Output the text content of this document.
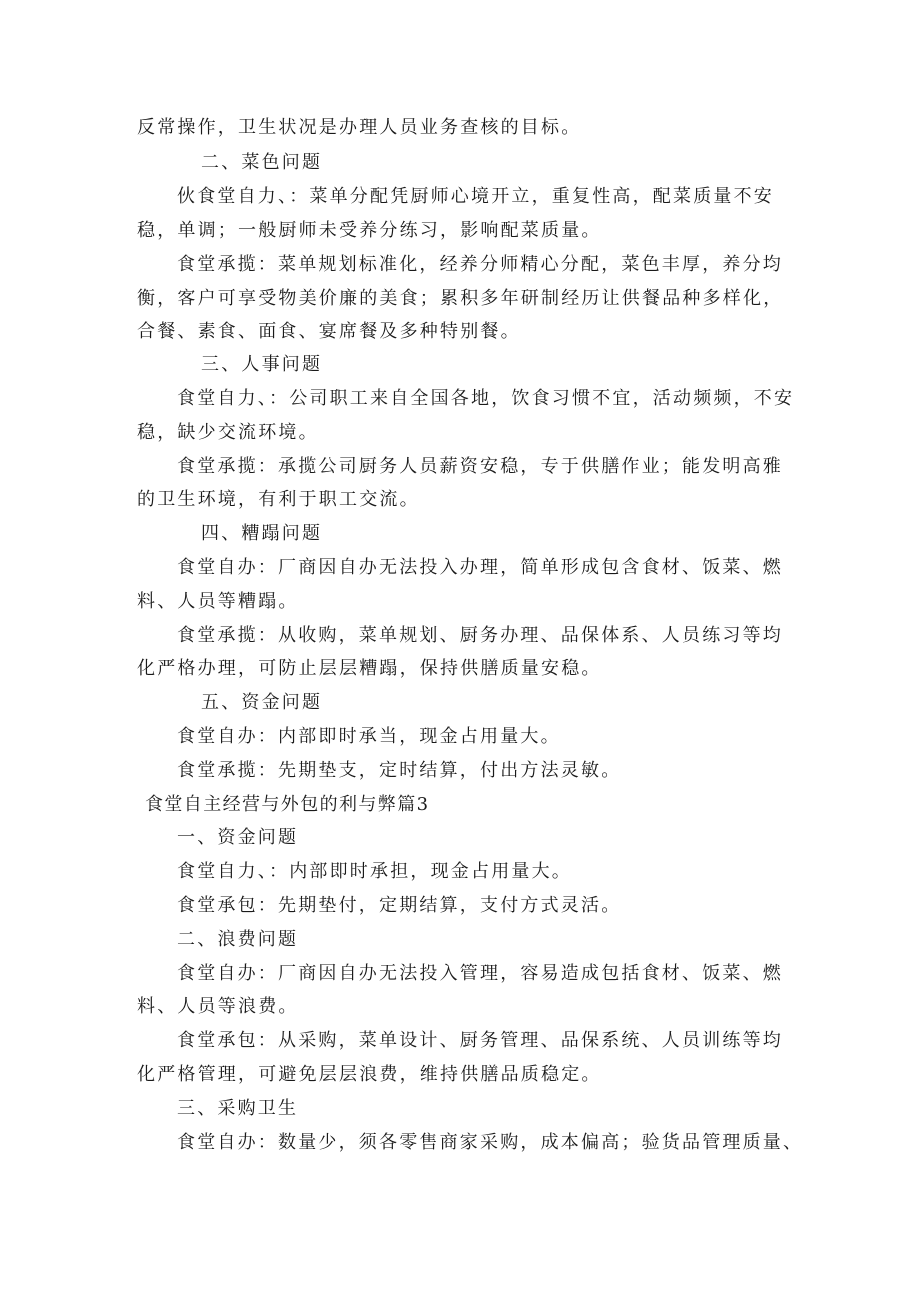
反常操作，卫生状况是办理人员业务查核的目标。
二、菜色问题
伙食堂自力、：菜单分配凭厨师心境开立，重复性高，配菜质量不安
稳，单调；一般厨师未受养分练习，影响配菜质量。
食堂承揽：菜单规划标准化，经养分师精心分配，菜色丰厚，养分均
衡，客户可享受物美价廉的美食；累积多年研制经历让供餐品种多样化，
合餐、素食、面食、宴席餐及多种特别餐。
三、人事问题
食堂自力、：公司职工来自全国各地，饮食习惯不宜，活动频频，不安
稳，缺少交流环境。
食堂承揽：承揽公司厨务人员薪资安稳，专于供膳作业；能发明高雅
的卫生环境，有利于职工交流。
四、糟蹋问题
食堂自办：厂商因自办无法投入办理，简单形成包含食材、饭菜、燃
料、人员等糟蹋。
食堂承揽：从收购，菜单规划、厨务办理、品保体系、人员练习等均
化严格办理，可防止层层糟蹋，保持供膳质量安稳。
五、资金问题
食堂自办：内部即时承当，现金占用量大。
食堂承揽：先期垫支，定时结算，付出方法灵敏。
食堂自主经营与外包的利与弊篇3
一、资金问题
食堂自力、：内部即时承担，现金占用量大。
食堂承包：先期垫付，定期结算，支付方式灵活。
二、浪费问题
食堂自办：厂商因自办无法投入管理，容易造成包括食材、饭菜、燃
料、人员等浪费。
食堂承包：从采购，菜单设计、厨务管理、品保系统、人员训练等均
化严格管理，可避免层层浪费，维持供膳品质稳定。
三、采购卫生
食堂自办：数量少，须各零售商家采购，成本偏高；验货品管理质量、
